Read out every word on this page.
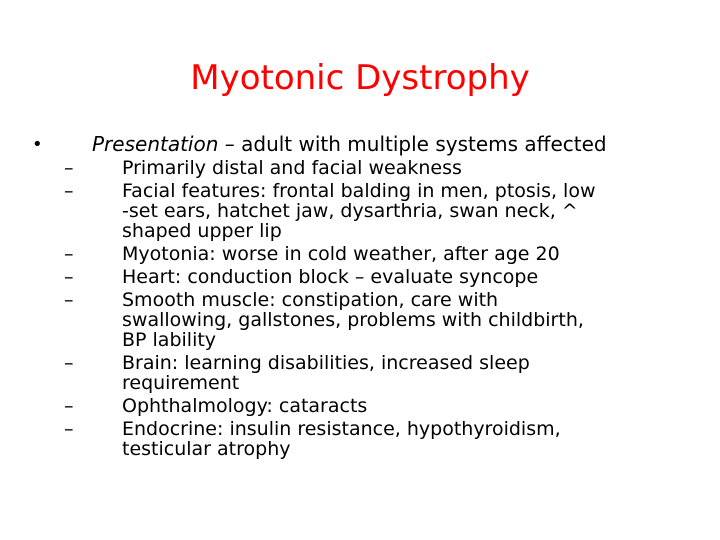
Myotonic Dystrophy
• Presentation – adult with multiple systems affected
–	Primarily distal and facial weakness
–	Facial features: frontal balding in men, ptosis, low
-set ears, hatchet jaw, dysarthria, swan neck, ^
shaped upper lip
–	Myotonia: worse in cold weather, after age 20
–	Heart: conduction block – evaluate syncope
–	Smooth muscle: constipation, care with
swallowing, gallstones, problems with childbirth,
BP lability
–	Brain: learning disabilities, increased sleep
requirement
–	Ophthalmology: cataracts
–	Endocrine: insulin resistance, hypothyroidism,
testicular atrophy
